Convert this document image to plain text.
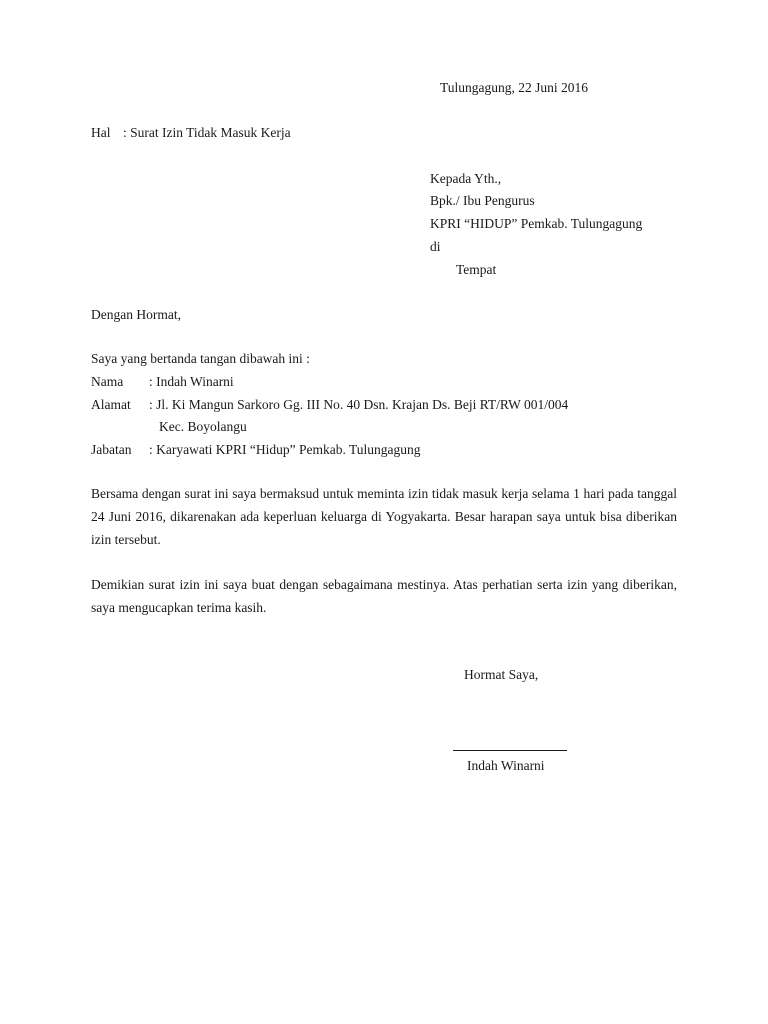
Tulungagung, 22 Juni 2016
Hal : Surat Izin Tidak Masuk Kerja
Kepada Yth.,
Bpk./ Ibu Pengurus
KPRI “HIDUP” Pemkab. Tulungagung
di
Tempat
Dengan Hormat,
Saya yang bertanda tangan dibawah ini :
Nama : Indah Winarni
Alamat : Jl. Ki Mangun Sarkoro Gg. III No. 40 Dsn. Krajan Ds. Beji RT/RW 001/004
Kec. Boyolangu
Jabatan : Karyawati KPRI “Hidup” Pemkab. Tulungagung
Bersama dengan surat ini saya bermaksud untuk meminta izin tidak masuk kerja selama 1 hari pada tanggal 24 Juni 2016, dikarenakan ada keperluan keluarga di Yogyakarta. Besar harapan saya untuk bisa diberikan izin tersebut.
Demikian surat izin ini saya buat dengan sebagaimana mestinya. Atas perhatian serta izin yang diberikan, saya mengucapkan terima kasih.
Hormat Saya,
Indah Winarni
